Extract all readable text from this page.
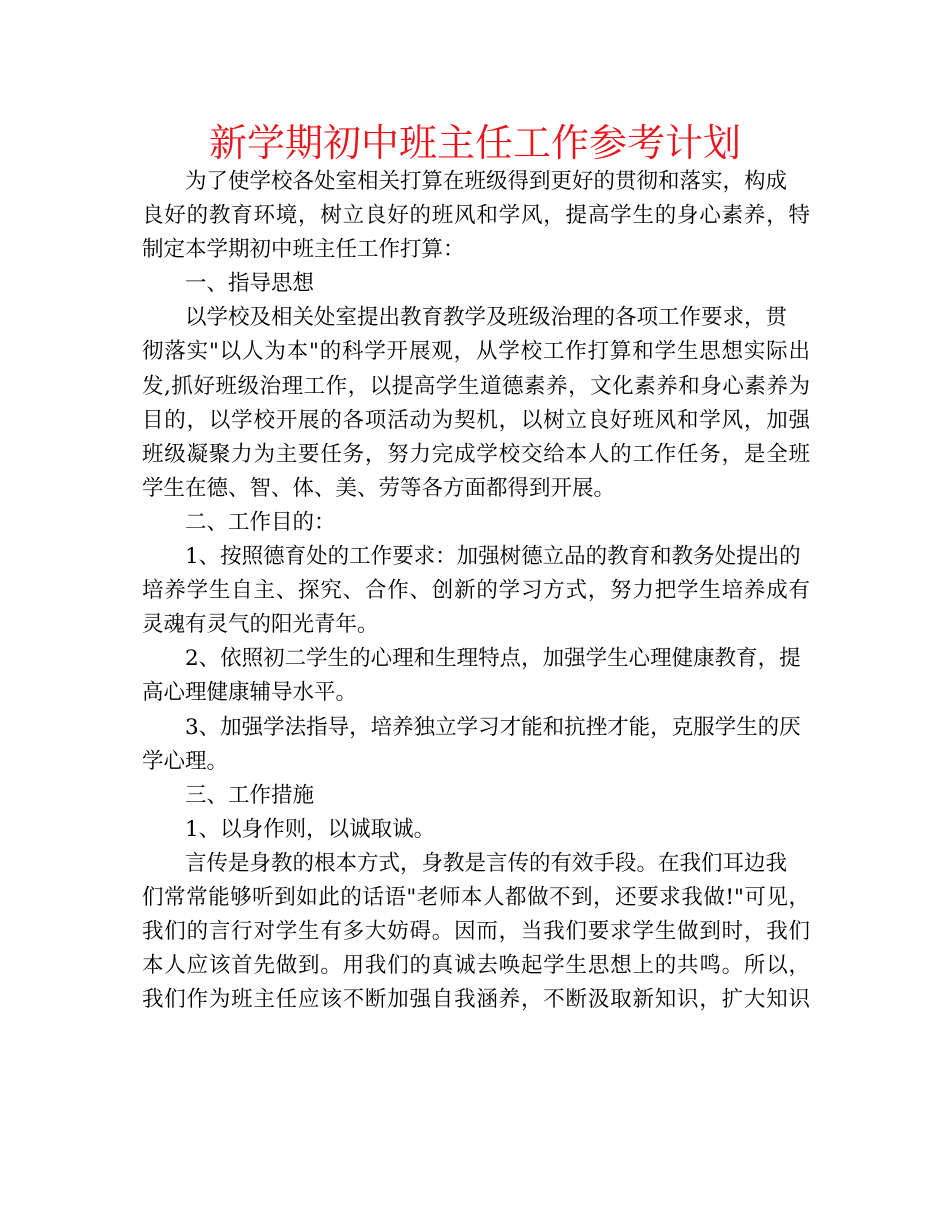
新学期初中班主任工作参考计划
为了使学校各处室相关打算在班级得到更好的贯彻和落实，构成
良好的教育环境，树立良好的班风和学风，提高学生的身心素养，特
制定本学期初中班主任工作打算：
一、指导思想
以学校及相关处室提出教育教学及班级治理的各项工作要求，贯
彻落实"以人为本"的科学开展观，从学校工作打算和学生思想实际出
发,抓好班级治理工作，以提高学生道德素养，文化素养和身心素养为
目的，以学校开展的各项活动为契机，以树立良好班风和学风，加强
班级凝聚力为主要任务，努力完成学校交给本人的工作任务，是全班
学生在德、智、体、美、劳等各方面都得到开展。
二、工作目的：
1、按照德育处的工作要求：加强树德立品的教育和教务处提出的
培养学生自主、探究、合作、创新的学习方式，努力把学生培养成有
灵魂有灵气的阳光青年。
2、依照初二学生的心理和生理特点，加强学生心理健康教育，提
高心理健康辅导水平。
3、加强学法指导，培养独立学习才能和抗挫才能，克服学生的厌
学心理。
三、工作措施
1、以身作则，以诚取诚。
言传是身教的根本方式，身教是言传的有效手段。在我们耳边我
们常常能够听到如此的话语"老师本人都做不到，还要求我做!"可见，
我们的言行对学生有多大妨碍。因而，当我们要求学生做到时，我们
本人应该首先做到。用我们的真诚去唤起学生思想上的共鸣。所以，
我们作为班主任应该不断加强自我涵养，不断汲取新知识，扩大知识
